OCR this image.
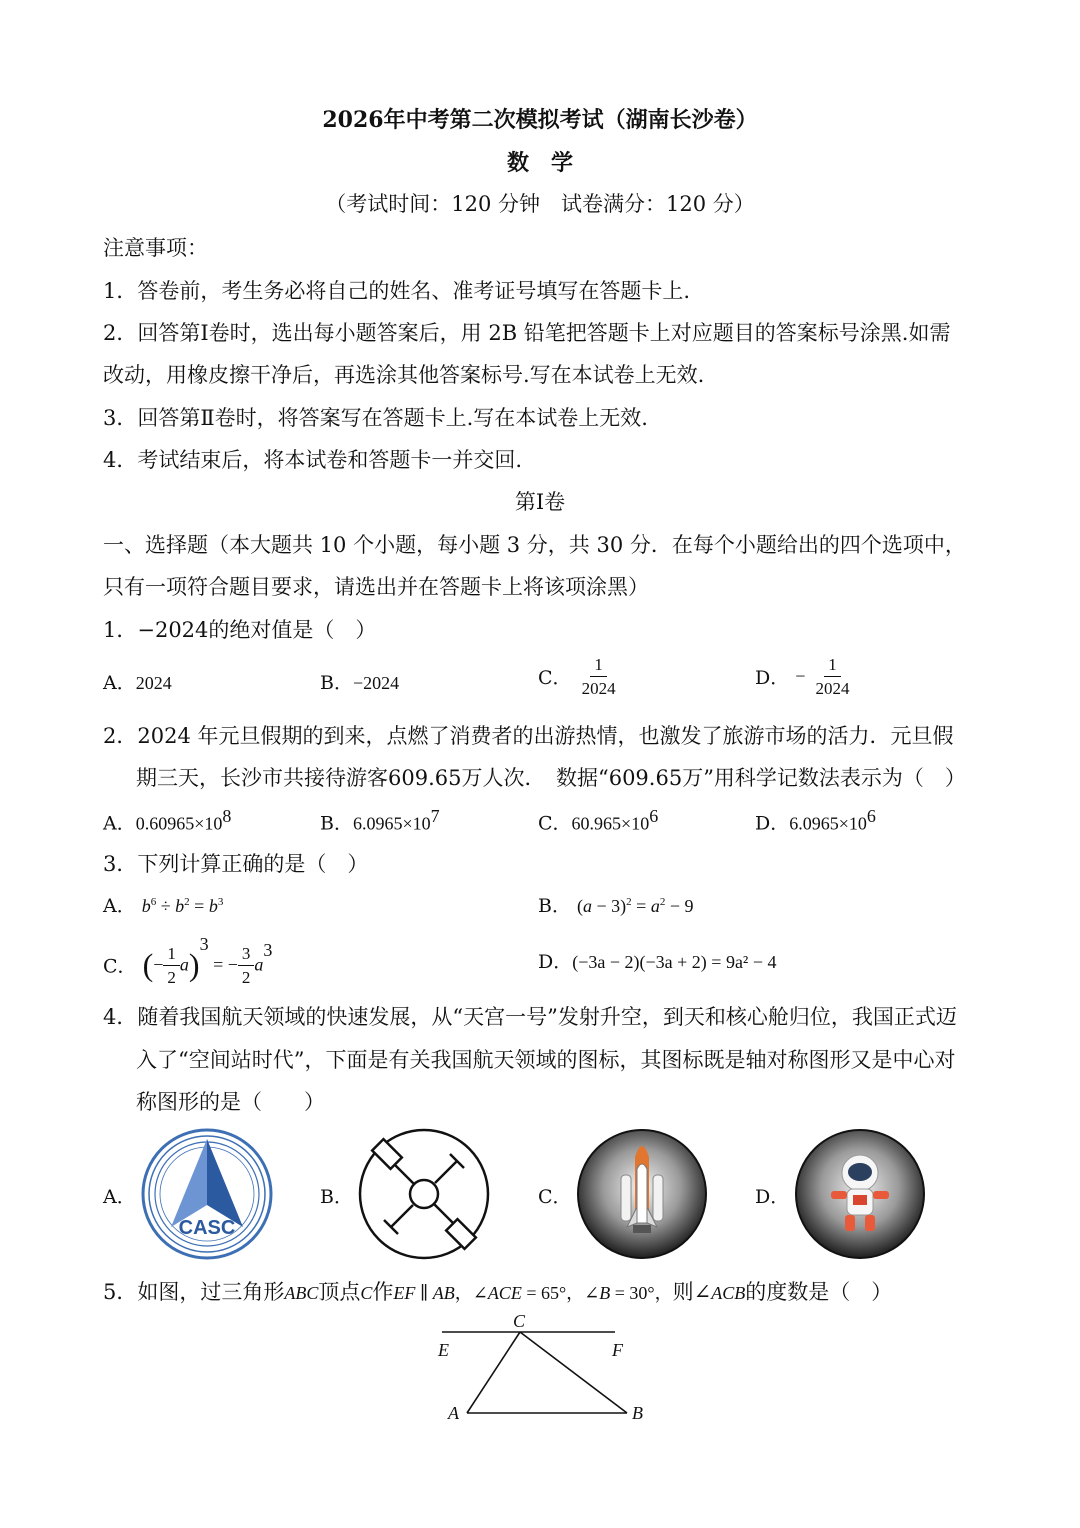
2026年中考第二次模拟考试（湖南长沙卷）
数　学
（考试时间：120 分钟　试卷满分：120 分）
注意事项：
1．答卷前，考生务必将自己的姓名、准考证号填写在答题卡上.
2．回答第Ⅰ卷时，选出每小题答案后，用 2B 铅笔把答题卡上对应题目的答案标号涂黑.如需
改动，用橡皮擦干净后，再选涂其他答案标号.写在本试卷上无效.
3．回答第Ⅱ卷时，将答案写在答题卡上.写在本试卷上无效.
4．考试结束后，将本试卷和答题卡一并交回.
第Ⅰ卷
一、选择题（本大题共 10 个小题，每小题 3 分，共 30 分．在每个小题给出的四个选项中，
只有一项符合题目要求，请选出并在答题卡上将该项涂黑）
1．−2024的绝对值是（　）
A．2024	B．−2024	C． $\frac{1}{2024}$	D． − $\frac{1}{2024}$
2．2024 年元旦假期的到来，点燃了消费者的出游热情，也激发了旅游市场的活力．元旦假
期三天，长沙市共接待游客609.65万人次．　数据“609.65万”用科学记数法表示为（　）
A．$0.60965\times 10^8$	B．$6.0965\times 10^7$	C．$60.965\times 10^6$	D．$6.0965\times 10^6$
3．下列计算正确的是（　）
A． $b^6 \div b^2 = b^3$	B． $(a - 3)^2 = a^2 - 9$
C． (− $\frac{1}{2} a)^3$ = − $\frac{3}{2} a^3$
D．(−3a − 2)(−3a + 2) = 9a² − 4
4．随着我国航天领域的快速发展，从“天宫一号”发射升空，到天和核心舱归位，我国正式迈
入了“空间站时代”，下面是有关我国航天领域的图标，其图标既是轴对称图形又是中心对
称图形的是（　　）
A．	B．	C．	D．
CASC
5．如图，过三角形ABC顶点C作EF ∥ AB，∠ACE = 65°，∠B = 30°，则∠ACB的度数是（　）
C
E	F
A	B
